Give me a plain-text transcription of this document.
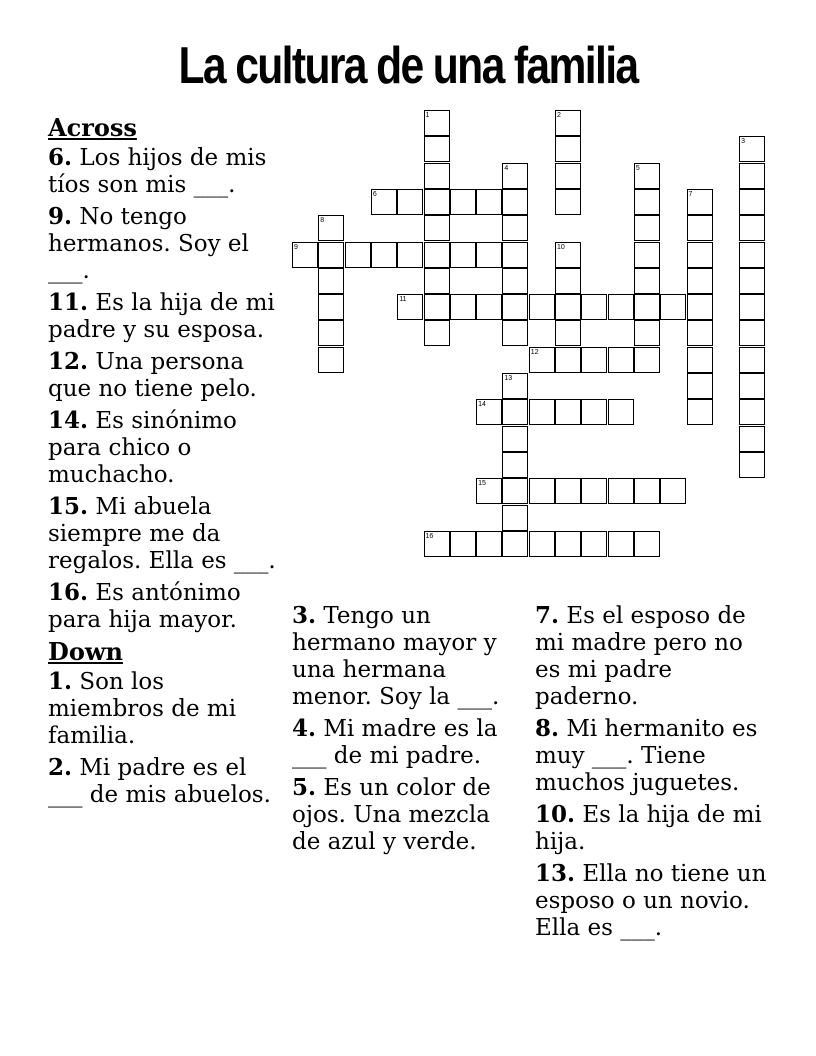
La cultura de una familia
Across
6. Los hijos de mis tíos son mis ___.
9. No tengo hermanos. Soy el ___.
11. Es la hija de mi padre y su esposa.
12. Una persona que no tiene pelo.
14. Es sinónimo para chico o muchacho.
15. Mi abuela siempre me da regalos. Ella es ___.
16. Es antónimo para hija mayor.
Down
1. Son los miembros de mi familia.
2. Mi padre es el ___ de mis abuelos.
3. Tengo un hermano mayor y una hermana menor. Soy la ___.
4. Mi madre es la ___ de mi padre.
5. Es un color de ojos. Una mezcla de azul y verde.
7. Es el esposo de mi madre pero no es mi padre paderno.
8. Mi hermanito es muy ___. Tiene muchos juguetes.
10. Es la hija de mi hija.
13. Ella no tiene un esposo o un novio. Ella es ___.
1	2
3
4	5
6	7
8
9	10
11
12
13
14
15
16
